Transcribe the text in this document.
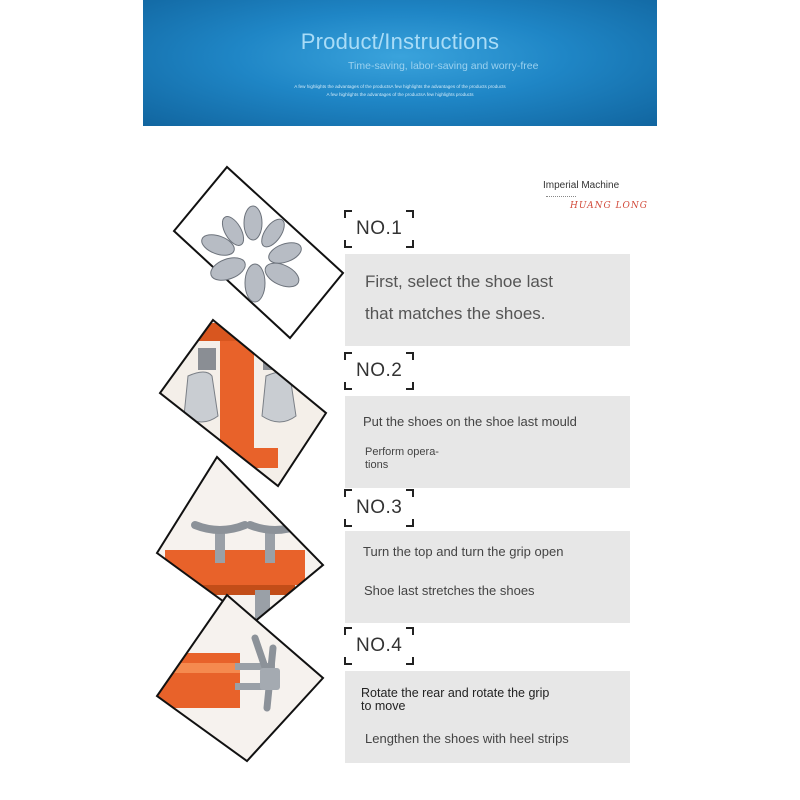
Product/Instructions
Time-saving, labor-saving and worry-free
A few highlights the advantages of the productsA few highlights the advantages of the products products
A few highlights the advantages of the productsA few highlights products
Imperial Machine
HUANG LONG
NO.1
First, select the shoe last
that matches the shoes.
NO.2
Put the shoes on the shoe last mould
Perform opera-
tions
NO.3
Turn the top and turn the grip open
Shoe last stretches the shoes
NO.4
Rotate the rear and rotate the grip
to move
Lengthen the shoes with heel strips
